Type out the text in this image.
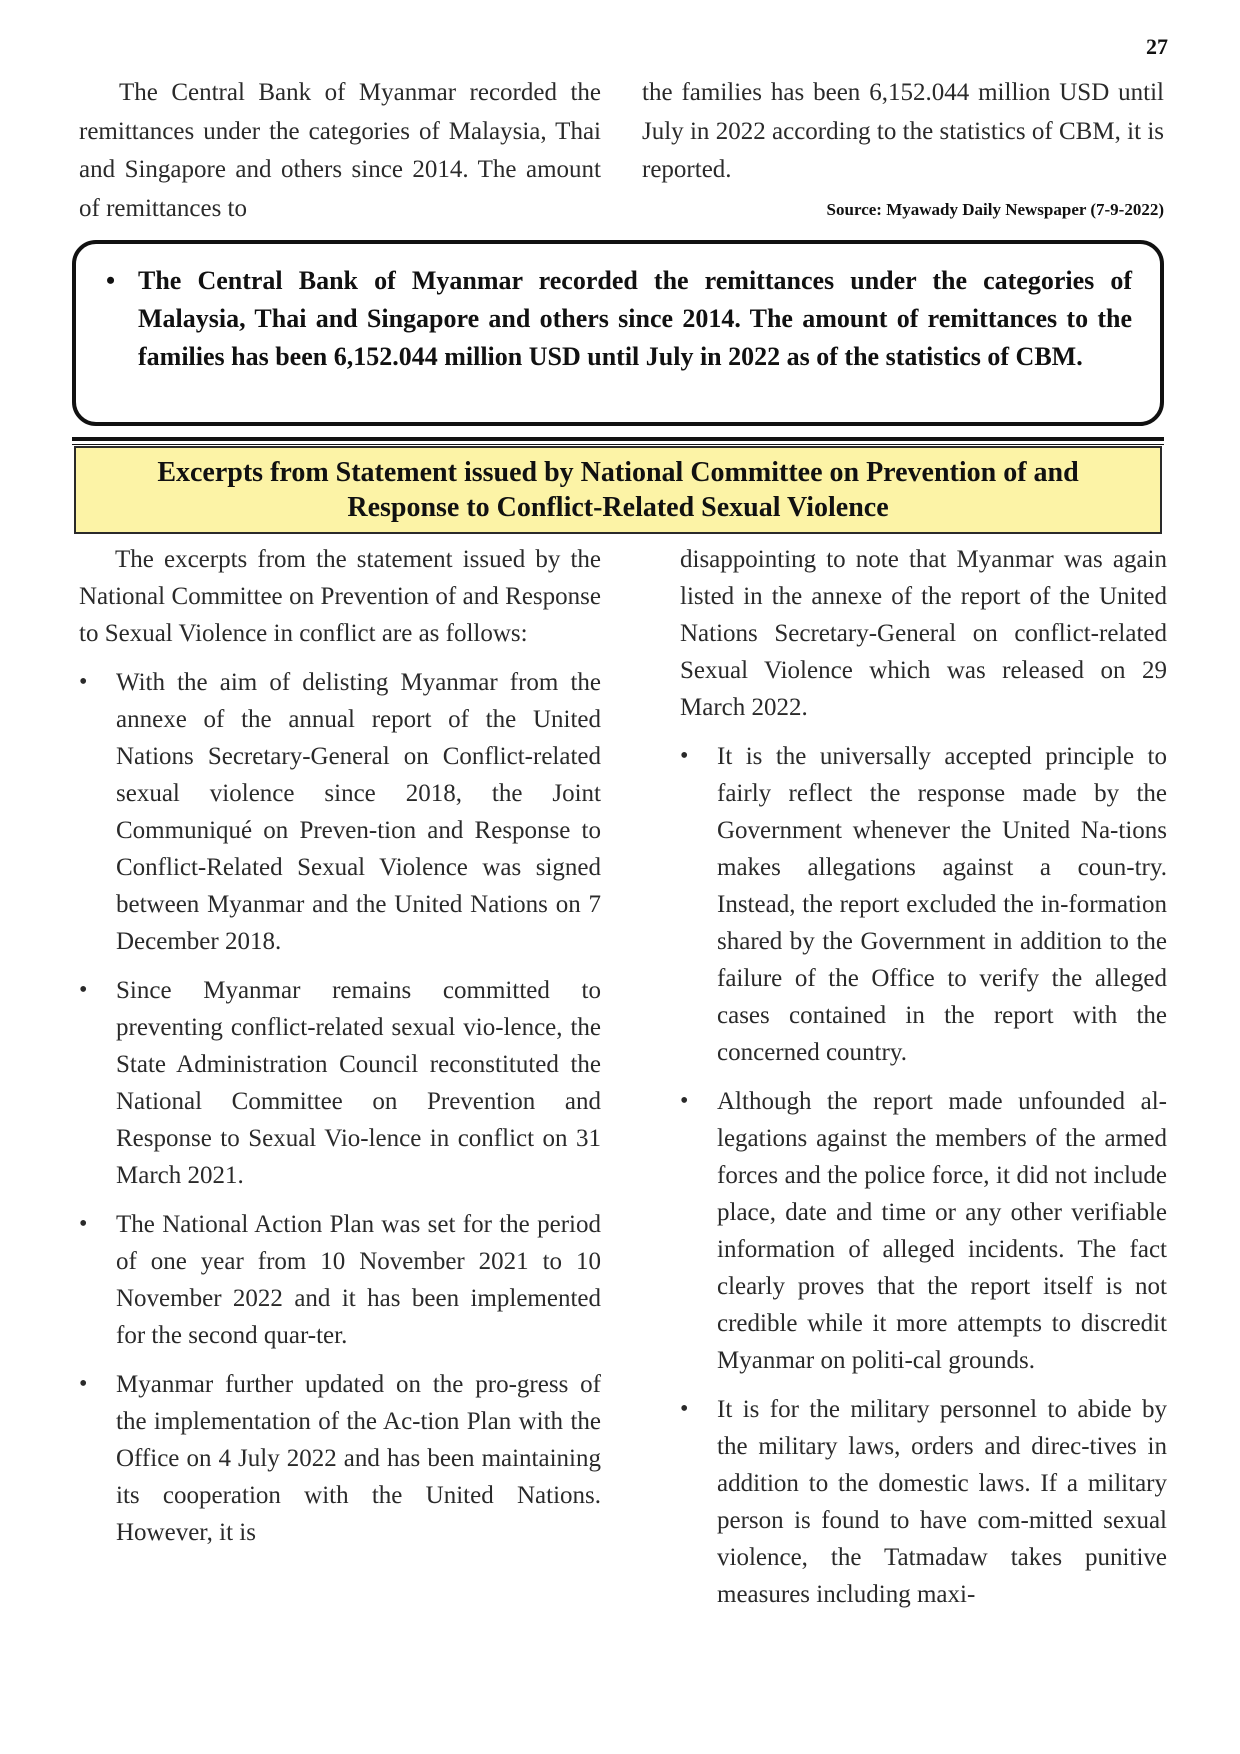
27

The Central Bank of Myanmar recorded the remittances under the categories of Malaysia, Thai and Singapore and others since 2014. The amount of remittances to

the families has been 6,152.044 million USD until July in 2022 according to the statistics of CBM, it is reported.

Source: Myawady Daily Newspaper (7-9-2022)
• The Central Bank of Myanmar recorded the remittances under the categories of Malaysia, Thai and Singapore and others since 2014. The amount of remittances to the families has been 6,152.044 million USD until July in 2022 as of the statistics of CBM.
Excerpts from Statement issued by National Committee on Prevention of and Response to Conflict-Related Sexual Violence

The excerpts from the statement issued by the National Committee on Prevention of and Response to Sexual Violence in conflict are as follows:

• With the aim of delisting Myanmar from the annexe of the annual report of the United Nations Secretary-General on Conflict-related sexual violence since 2018, the Joint Communiqué on Preven-tion and Response to Conflict-Related Sexual Violence was signed between Myanmar and the United Nations on 7 December 2018.
• Since Myanmar remains committed to preventing conflict-related sexual vio-lence, the State Administration Council reconstituted the National Committee on Prevention and Response to Sexual Vio-lence in conflict on 31 March 2021.
• The National Action Plan was set for the period of one year from 10 November 2021 to 10 November 2022 and it has been implemented for the second quar-ter.
• Myanmar further updated on the pro-gress of the implementation of the Ac-tion Plan with the Office on 4 July 2022 and has been maintaining its cooperation with the United Nations. However, it is

disappointing to note that Myanmar was again listed in the annexe of the report of the United Nations Secretary-General on conflict-related Sexual Violence which was released on 29 March 2022.

• It is the universally accepted principle to fairly reflect the response made by the Government whenever the United Na-tions makes allegations against a coun-try. Instead, the report excluded the in-formation shared by the Government in addition to the failure of the Office to verify the alleged cases contained in the report with the concerned country.
• Although the report made unfounded al-legations against the members of the armed forces and the police force, it did not include place, date and time or any other verifiable information of alleged incidents. The fact clearly proves that the report itself is not credible while it more attempts to discredit Myanmar on politi-cal grounds.
• It is for the military personnel to abide by the military laws, orders and direc-tives in addition to the domestic laws. If a military person is found to have com-mitted sexual violence, the Tatmadaw takes punitive measures including maxi-
